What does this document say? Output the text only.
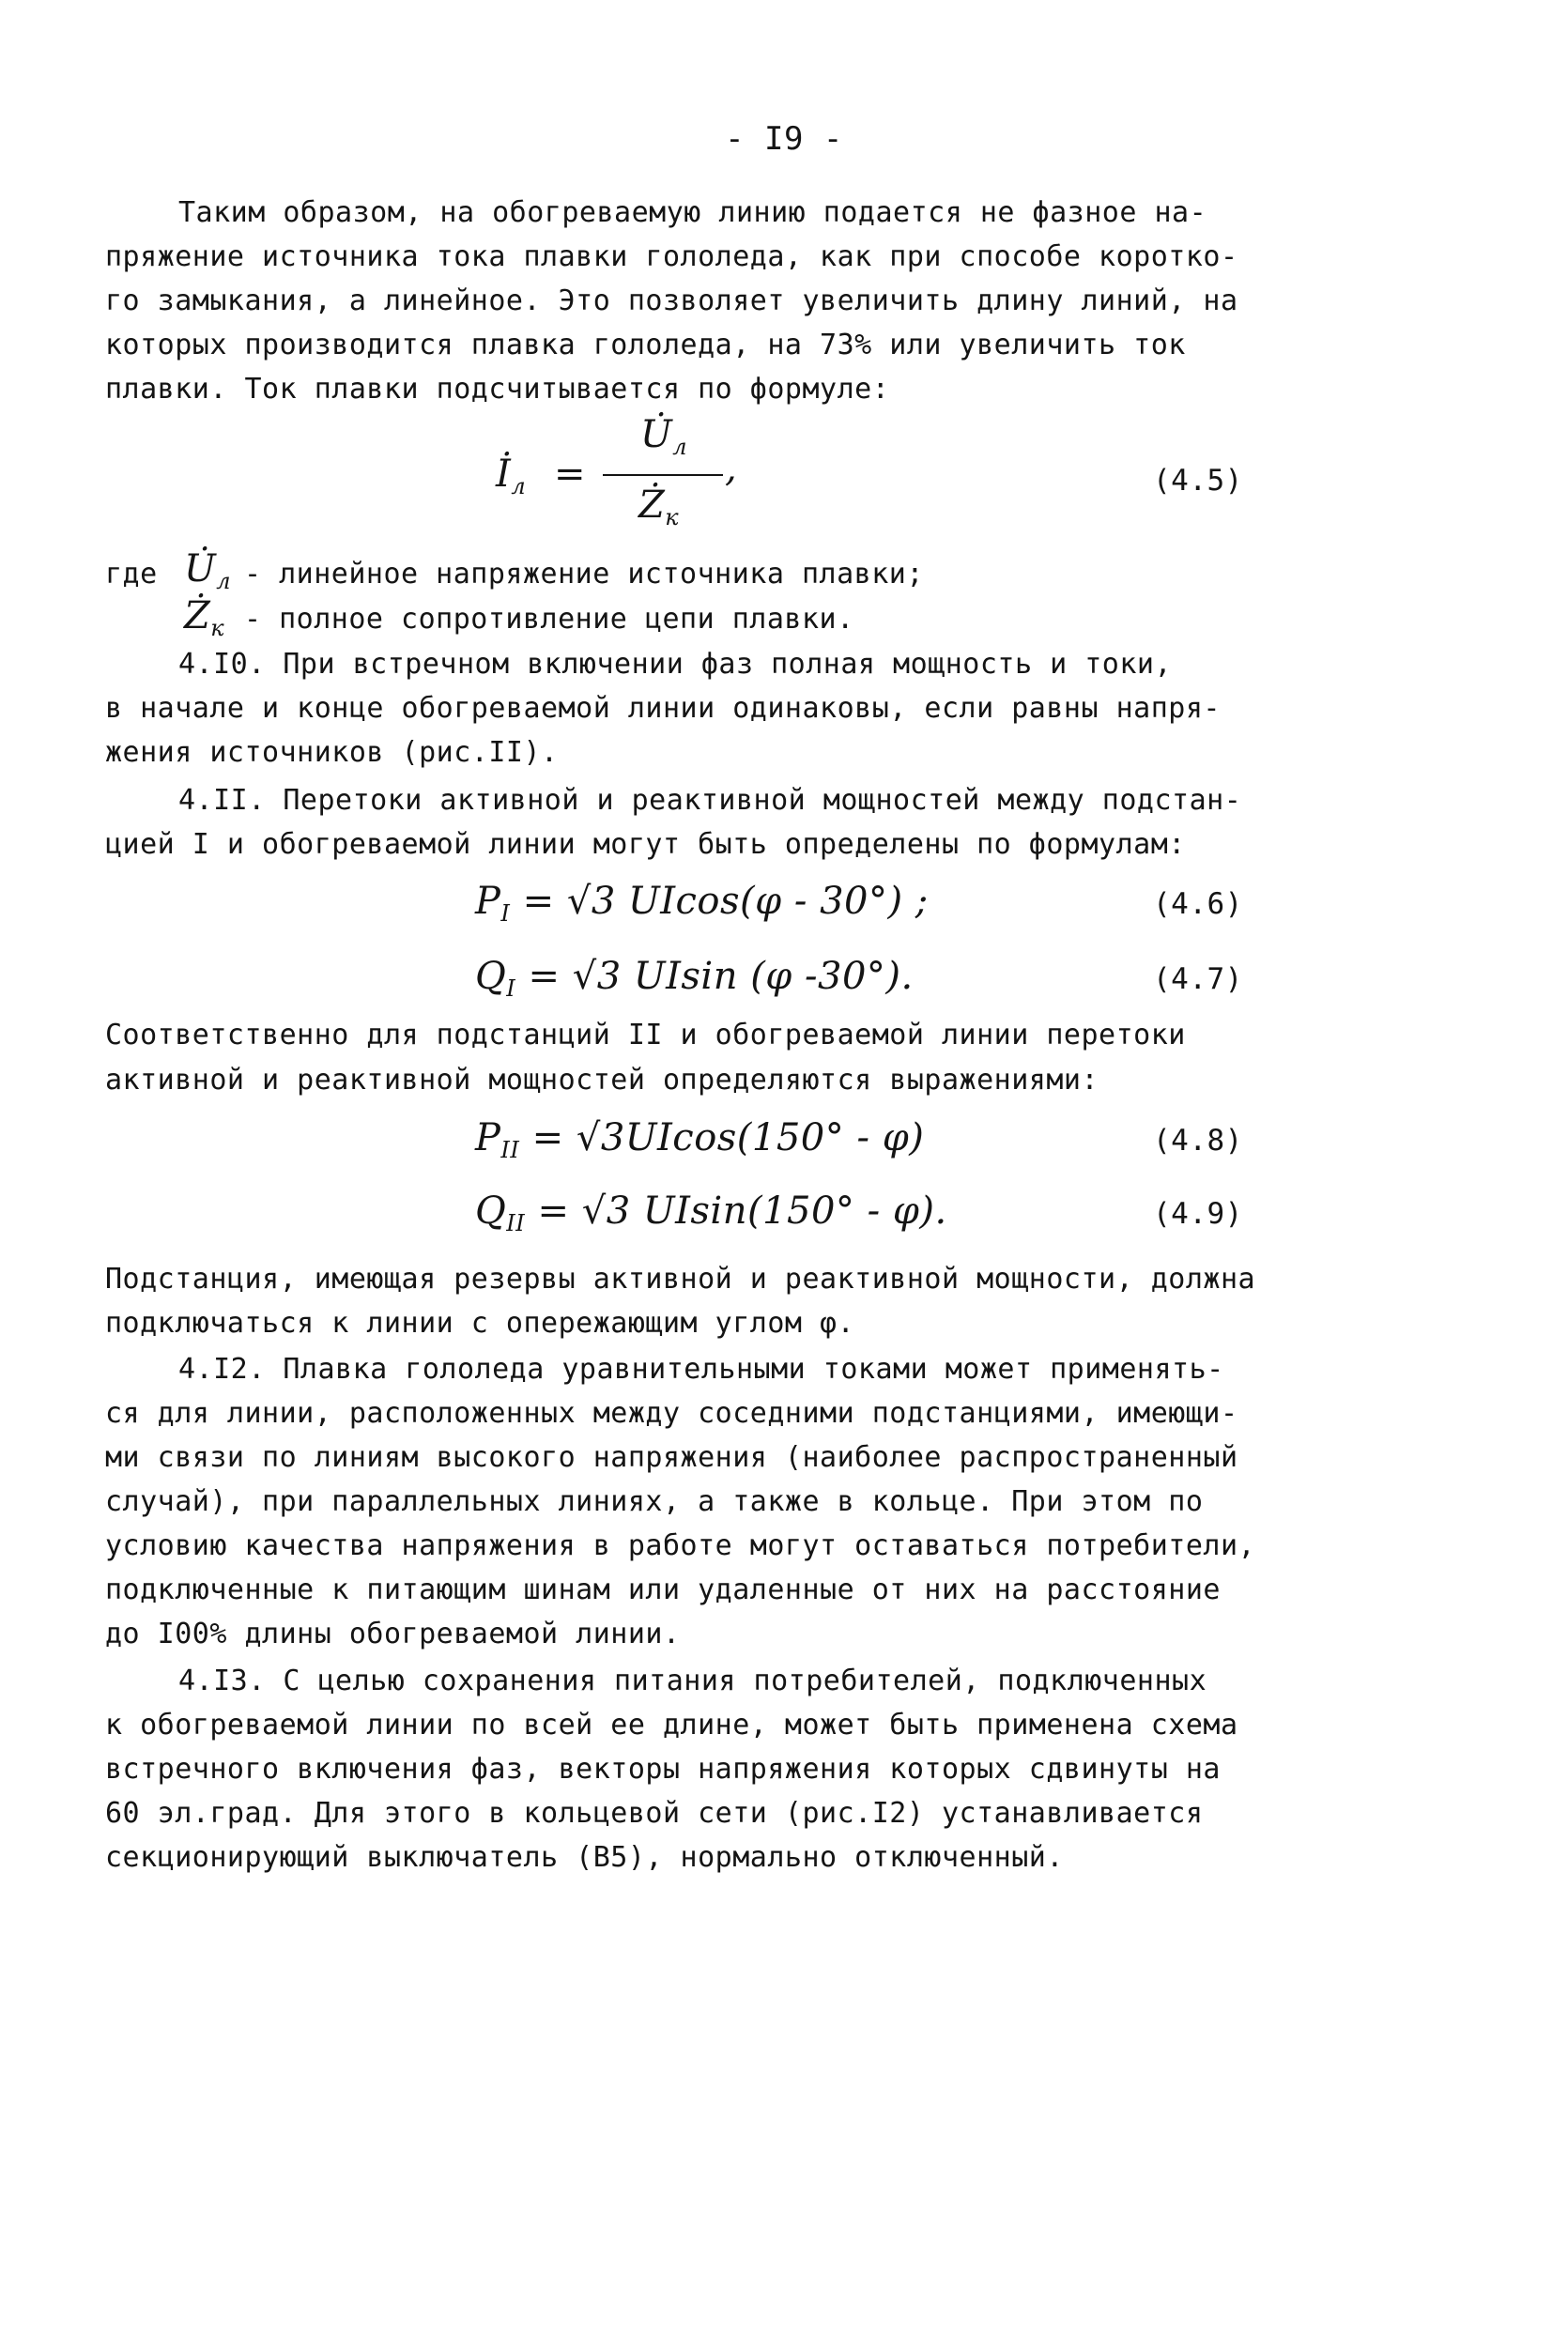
- I9 -
Таким образом, на обогреваемую линию подается не фазное на-
пряжение источника тока плавки гололеда, как при способе коротко-
го замыкания, а линейное. Это позволяет увеличить длину линий, на
которых производится плавка гололеда, на 73% или увеличить ток
плавки. Ток плавки подсчитывается по формуле:
$İ_л$ =
$U̇_л$
$Ż_к$
,	(4.5)
где $U̇_л$ - линейное напряжение источника плавки;
$Ż_к$ - полное сопротивление цепи плавки.
4.I0. При встречном включении фаз полная мощность и токи,
в начале и конце обогреваемой линии одинаковы, если равны напря-
жения источников (рис.II).
4.II. Перетоки активной и реактивной мощностей между подстан-
цией I и обогреваемой линии могут быть определены по формулам:
$P_I = √3$ UIcos(φ - 30°) ;	(4.6)
$Q_I = √3$ UIsin (φ -30°).	(4.7)
Соответственно для подстанций II и обогреваемой линии перетоки
активной и реактивной мощностей определяются выражениями:
$P_{II} = √3UIcos(150^\circ - \varphi)$	(4.8)
$Q_{II} = √3$ UIsin(150° - φ).	(4.9)
Подстанция, имеющая резервы активной и реактивной мощности, должна
подключаться к линии с опережающим углом φ.
4.I2. Плавка гололеда уравнительными токами может применять-
ся для линии, расположенных между соседними подстанциями, имеющи-
ми связи по линиям высокого напряжения (наиболее распространенный
случай), при параллельных линиях, а также в кольце. При этом по
условию качества напряжения в работе могут оставаться потребители,
подключенные к питающим шинам или удаленные от них на расстояние
до I00% длины обогреваемой линии.
4.I3. С целью сохранения питания потребителей, подключенных
к обогреваемой линии по всей ее длине, может быть применена схема
встречного включения фаз, векторы напряжения которых сдвинуты на
60 эл.град. Для этого в кольцевой сети (рис.I2) устанавливается
секционирующий выключатель (В5), нормально отключенный.
